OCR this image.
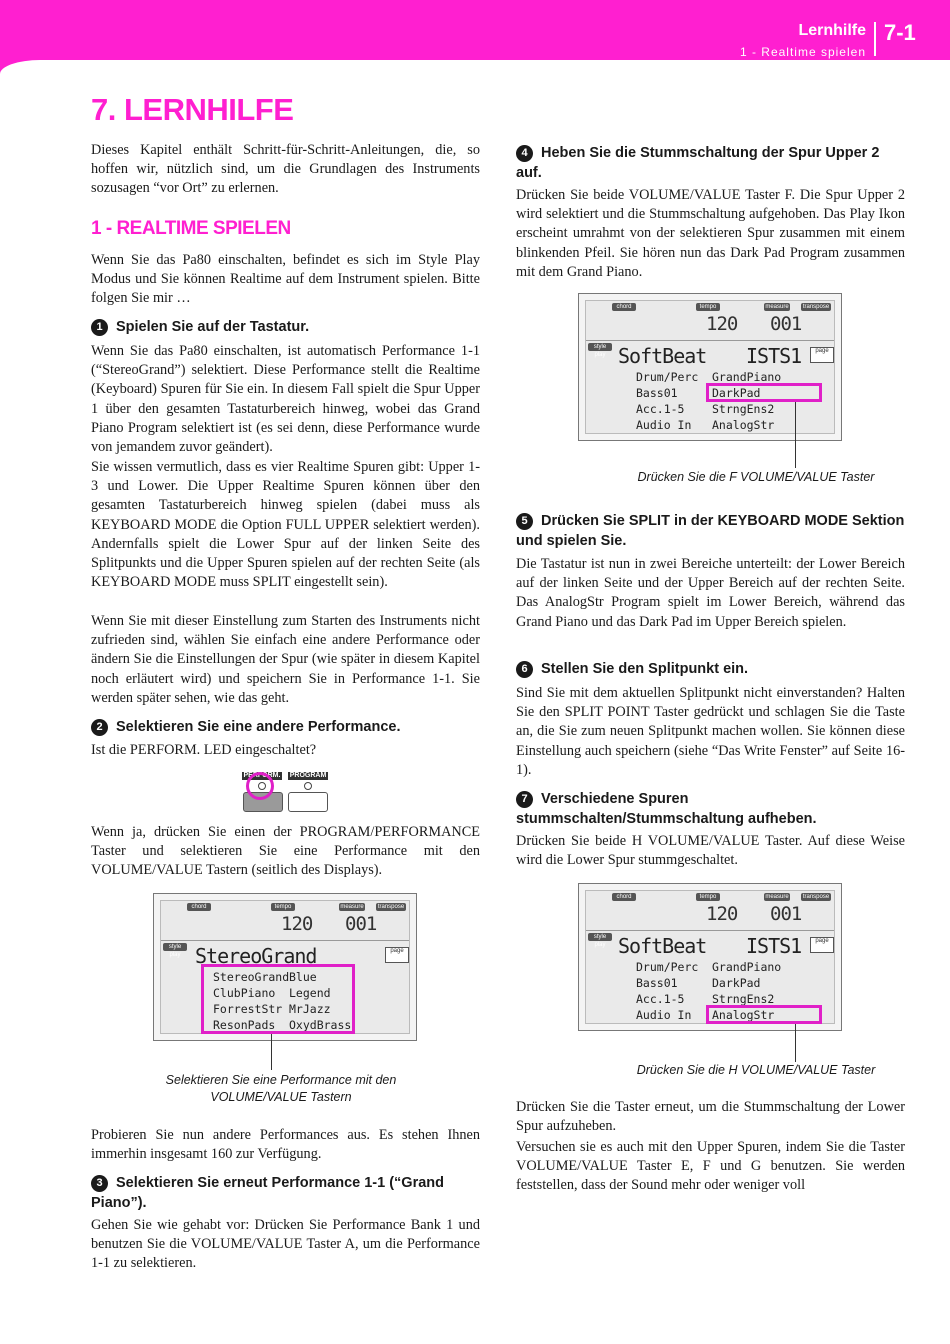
Lernhilfe
1 - Realtime spielen
7-1
7. LERNHILFE
Dieses Kapitel enthält Schritt-für-Schritt-Anleitungen, die, so hoffen wir, nützlich sind, um die Grundlagen des Instruments sozusagen “vor Ort” zu erlernen.
1 - REALTIME SPIELEN
Wenn Sie das Pa80 einschalten, befindet es sich im Style Play Modus und Sie können Realtime auf dem Instrument spielen. Bitte folgen Sie mir …
1 Spielen Sie auf der Tastatur.
Wenn Sie das Pa80 einschalten, ist automatisch Performance 1-1 (“StereoGrand”) selektiert. Diese Performance stellt die Realtime (Keyboard) Spuren für Sie ein. In diesem Fall spielt die Spur Upper 1 über den gesamten Tastaturbereich hinweg, wobei das Grand Piano Program selektiert ist (es sei denn, diese Performance wurde von jemandem zuvor geändert).
Sie wissen vermutlich, dass es vier Realtime Spuren gibt: Upper 1-3 und Lower. Die Upper Realtime Spuren können über den gesamten Tastaturbereich hinweg spielen (dabei muss als KEYBOARD MODE die Option FULL UPPER selektiert werden). Andernfalls spielt die Lower Spur auf der linken Seite des Splitpunkts und die Upper Spuren spielen auf der rechten Seite (als KEYBOARD MODE muss SPLIT eingestellt sein).
Wenn Sie mit dieser Einstellung zum Starten des Instruments nicht zufrieden sind, wählen Sie einfach eine andere Performance oder ändern Sie die Einstellungen der Spur (wie später in diesem Kapitel noch erläutert wird) und speichern Sie in Performance 1-1. Sie werden später sehen, wie das geht.
2 Selektieren Sie eine andere Performance.
Ist die PERFORM. LED eingeschaltet?
PERFORM. PROGRAM
Wenn ja, drücken Sie einen der PROGRAM/PERFORMANCE Taster und selektieren Sie eine Performance mit den VOLUME/VALUE Tastern (seitlich des Displays).
chord	tempo	measure	transpose
120 001
style play StereoGrand	page
StereoGrand Blue
ClubPiano Legend
ForrestStr MrJazz
ResonPads OxydBrass
Selektieren Sie eine Performance mit den VOLUME/VALUE Tastern
Probieren Sie nun andere Performances aus. Es stehen Ihnen immerhin insgesamt 160 zur Verfügung.
3 Selektieren Sie erneut Performance 1-1 (“Grand Piano”).
Gehen Sie wie gehabt vor: Drücken Sie Performance Bank 1 und benutzen Sie die VOLUME/VALUE Taster A, um die Performance 1-1 zu selektieren.
4 Heben Sie die Stummschaltung der Spur Upper 2 auf.
Drücken Sie beide VOLUME/VALUE Taster F. Die Spur Upper 2 wird selektiert und die Stummschaltung aufgehoben. Das Play Ikon erscheint umrahmt von der selektieren Spur zusammen mit einem blinkenden Pfeil. Sie hören nun das Dark Pad Program zusammen mit dem Grand Piano.
chord	tempo	measure	transpose
120 001
style play SoftBeat ISTS1	page
Drum/Perc GrandPiano
Bass01	DarkPad
Acc.1-5 StrngEns2
Audio In AnalogStr
Drücken Sie die F VOLUME/VALUE Taster
5 Drücken Sie SPLIT in der KEYBOARD MODE Sektion und spielen Sie.
Die Tastatur ist nun in zwei Bereiche unterteilt: der Lower Bereich auf der linken Seite und der Upper Bereich auf der rechten Seite. Das AnalogStr Program spielt im Lower Bereich, während das Grand Piano und das Dark Pad im Upper Bereich spielen.
6 Stellen Sie den Splitpunkt ein.
Sind Sie mit dem aktuellen Splitpunkt nicht einverstanden? Halten Sie den SPLIT POINT Taster gedrückt und schlagen Sie die Taste an, die Sie zum neuen Splitpunkt machen wollen. Sie können diese Einstellung auch speichern (siehe “Das Write Fenster” auf Seite 16-1).
7 Verschiedene Spuren stummschalten/Stummschaltung aufheben.
Drücken Sie beide H VOLUME/VALUE Taster. Auf diese Weise wird die Lower Spur stummgeschaltet.
chord	tempo	measure	transpose
120 001
style play SoftBeat ISTS1	page
Drum/Perc GrandPiano
Bass01	DarkPad
Acc.1-5 StrngEns2
Audio In AnalogStr
Drücken Sie die H VOLUME/VALUE Taster
Drücken Sie die Taster erneut, um die Stummschaltung der Lower Spur aufzuheben.
Versuchen sie es auch mit den Upper Spuren, indem Sie die Taster VOLUME/VALUE Taster E, F und G benutzen. Sie werden feststellen, dass der Sound mehr oder weniger voll
